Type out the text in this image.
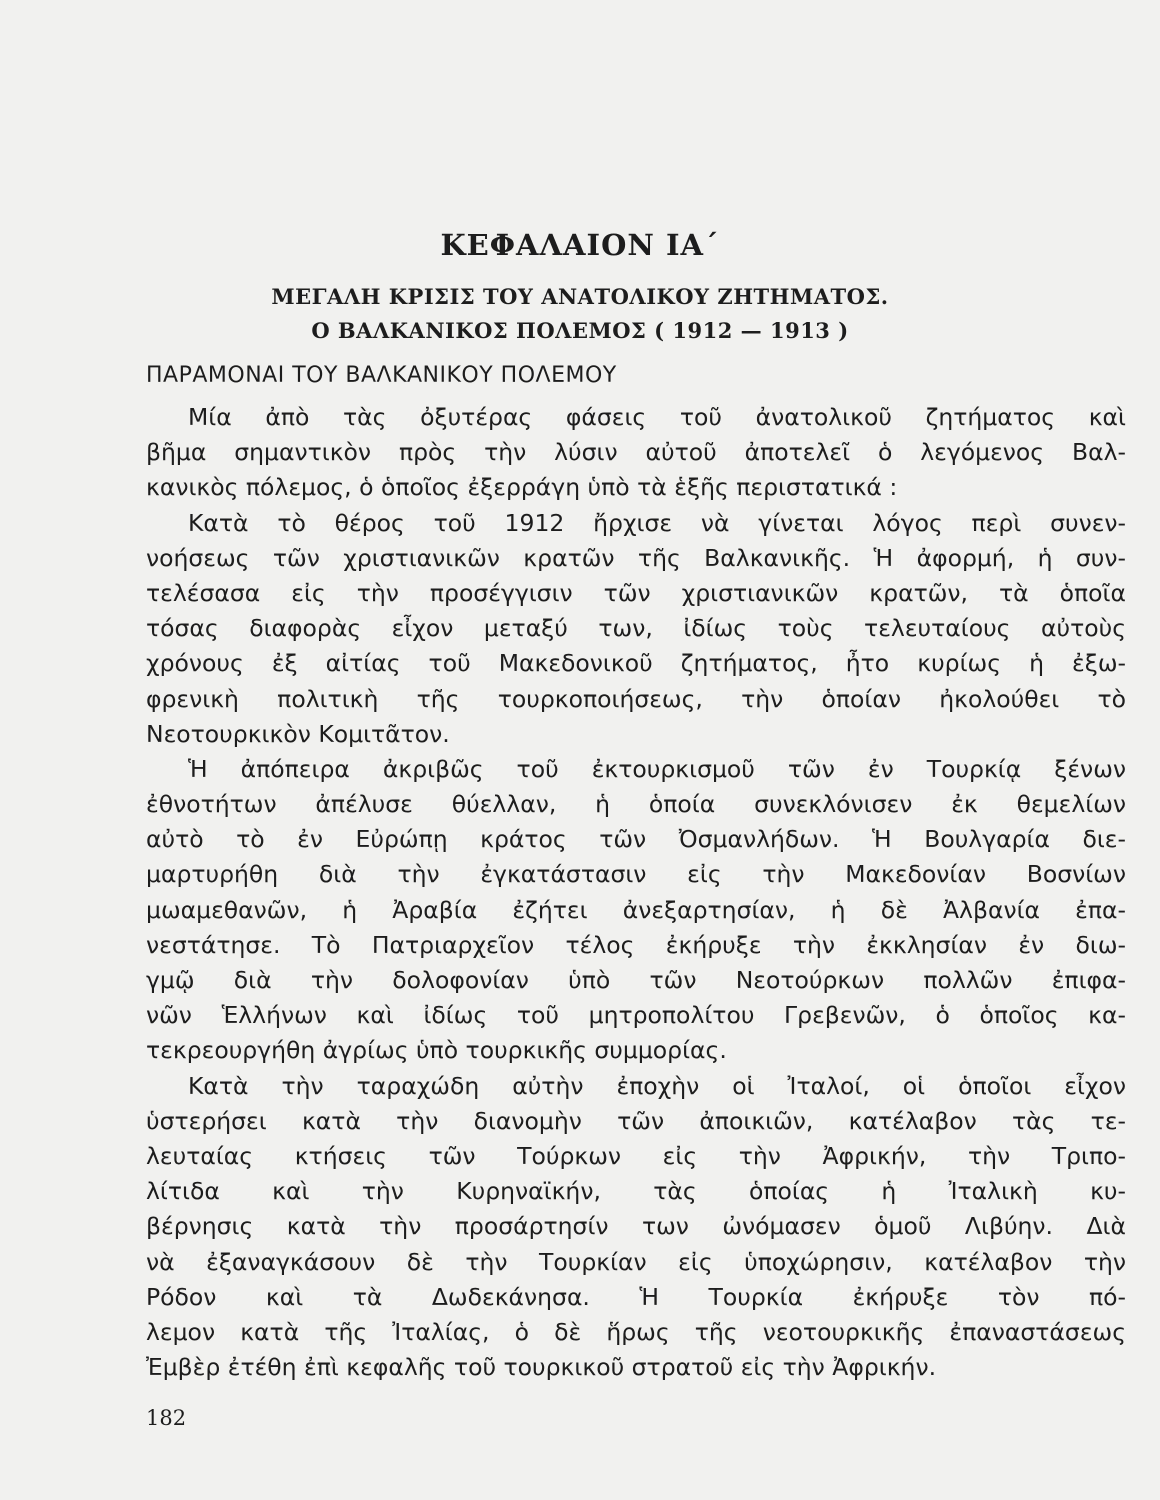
ΚΕΦΑΛΑΙΟΝ ΙΑ΄

ΜΕΓΑΛΗ ΚΡΙΣΙΣ ΤΟΥ ΑΝΑΤΟΛΙΚΟΥ ΖΗΤΗΜΑΤΟΣ.

Ο ΒΑΛΚΑΝΙΚΟΣ ΠΟΛΕΜΟΣ ( 1912 — 1913 )

ΠΑΡΑΜΟΝΑΙ ΤΟΥ ΒΑΛΚΑΝΙΚΟΥ ΠΟΛΕΜΟΥ

Μία ἀπὸ τὰς ὀξυτέρας φάσεις τοῦ ἀνατολικοῦ ζητήματος καὶ
βῆμα σημαντικὸν πρὸς τὴν λύσιν αὐτοῦ ἀποτελεῖ ὁ λεγόμενος Βαλ-
κανικὸς πόλεμος, ὁ ὁποῖος ἐξερράγη ὑπὸ τὰ ἑξῆς περιστατικά :
Κατὰ τὸ θέρος τοῦ 1912 ἤρχισε νὰ γίνεται λόγος περὶ συνεν-
νοήσεως τῶν χριστιανικῶν κρατῶν τῆς Βαλκανικῆς. Ἡ ἀφορμή, ἡ συν-
τελέσασα εἰς τὴν προσέγγισιν τῶν χριστιανικῶν κρατῶν, τὰ ὁποῖα
τόσας διαφορὰς εἶχον μεταξύ των, ἰδίως τοὺς τελευταίους αὐτοὺς
χρόνους ἐξ αἰτίας τοῦ Μακεδονικοῦ ζητήματος, ἦτο κυρίως ἡ ἐξω-
φρενικὴ πολιτικὴ τῆς τουρκοποιήσεως, τὴν ὁποίαν ἠκολούθει τὸ
Νεοτουρκικὸν Κομιτᾶτον.
Ἡ ἀπόπειρα ἀκριβῶς τοῦ ἐκτουρκισμοῦ τῶν ἐν Τουρκίᾳ ξένων
ἐθνοτήτων ἀπέλυσε θύελλαν, ἡ ὁποία συνεκλόνισεν ἐκ θεμελίων
αὐτὸ τὸ ἐν Εὐρώπῃ κράτος τῶν Ὀσμανλήδων. Ἡ Βουλγαρία διε-
μαρτυρήθη διὰ τὴν ἐγκατάστασιν εἰς τὴν Μακεδονίαν Βοσνίων
μωαμεθανῶν, ἡ Ἀραβία ἐζήτει ἀνεξαρτησίαν, ἡ δὲ Ἀλβανία ἐπα-
νεστάτησε. Τὸ Πατριαρχεῖον τέλος ἐκήρυξε τὴν ἐκκλησίαν ἐν διω-
γμῷ διὰ τὴν δολοφονίαν ὑπὸ τῶν Νεοτούρκων πολλῶν ἐπιφα-
νῶν Ἑλλήνων καὶ ἰδίως τοῦ μητροπολίτου Γρεβενῶν, ὁ ὁποῖος κα-
τεκρεουργήθη ἀγρίως ὑπὸ τουρκικῆς συμμορίας.
Κατὰ τὴν ταραχώδη αὐτὴν ἐποχὴν οἱ Ἰταλοί, οἱ ὁποῖοι εἶχον
ὑστερήσει κατὰ τὴν διανομὴν τῶν ἀποικιῶν, κατέλαβον τὰς τε-
λευταίας κτήσεις τῶν Τούρκων εἰς τὴν Ἀφρικήν, τὴν Τριπο-
λίτιδα καὶ τὴν Κυρηναϊκήν, τὰς ὁποίας ἡ Ἰταλικὴ κυ-
βέρνησις κατὰ τὴν προσάρτησίν των ὠνόμασεν ὁμοῦ Λιβύην. Διὰ
νὰ ἐξαναγκάσουν δὲ τὴν Τουρκίαν εἰς ὑποχώρησιν, κατέλαβον τὴν
Ρόδον καὶ τὰ Δωδεκάνησα. Ἡ Τουρκία ἐκήρυξε τὸν πό-
λεμον κατὰ τῆς Ἰταλίας, ὁ δὲ ἥρως τῆς νεοτουρκικῆς ἐπαναστάσεως
Ἐμβὲρ ἐτέθη ἐπὶ κεφαλῆς τοῦ τουρκικοῦ στρατοῦ εἰς τὴν Ἀφρικήν.

182
